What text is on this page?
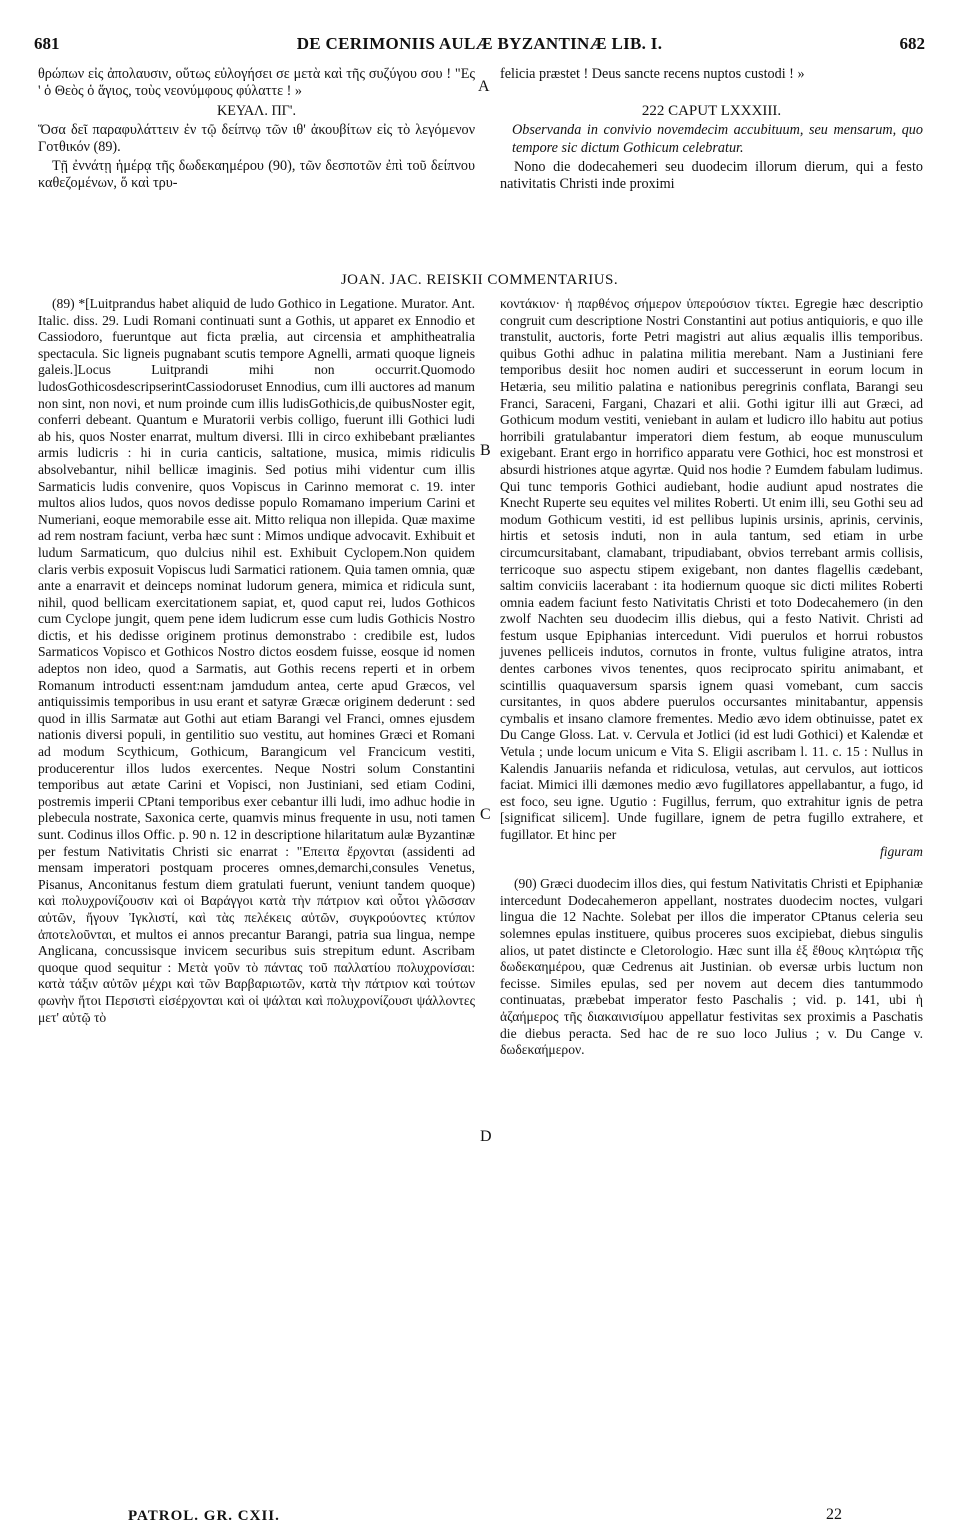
681	DE CERIMONIIS AULÆ BYZANTINÆ LIB. I.	682

θρώπων εἰς ἀπολαυσιν, οὕτως εὐλογήσει σε μετὰ καὶ τῆς συζύγου σου ! "Ες ' ὁ Θεὸς ὁ ἅγιος, τοὺς νεονύμφους φύλαττε ! »

ΚΕΥΑΛ. ΠΓ'.

Ὅσα δεῖ παραφυλάττειν ἐν τῷ δείπνῳ τῶν ιθ' ἀκουβίτων εἰς τὸ λεγόμενον Γοτθικόν (89).

Τῇ ἐννάτῃ ἡμέρᾳ τῆς δωδεκαημέρου (90), τῶν δεσποτῶν ἐπὶ τοῦ δείπνου καθεζομένων, ὅ καὶ τρυ-

felicia præstet ! Deus sancte recens nuptos custodi ! »

222 CAPUT LXXXIII.

Observanda in convivio novemdecim accubituum, seu mensarum, quo tempore sic dictum Gothicum celebratur.

Nono die dodecahemeri seu duodecim illorum dierum, qui a festo nativitatis Christi inde proximi

A
B
C
D
JOAN. JAC. REISKII COMMENTARIUS.

(89) *[Luitprandus habet aliquid de ludo Gothico in Legatione. Murator. Ant. Italic. diss. 29. Ludi Romani continuati sunt a Gothis, ut apparet ex Ennodio et Cassiodoro, fueruntque aut ficta prælia, aut circensia et amphitheatralia spectacula. Sic ligneis pugnabant scutis tempore Agnelli, armati quoque ligneis galeis.]Locus Luitprandi mihi non occurrit.Quomodo ludosGothicosdescripserintCassiodoruset Ennodius, cum illi auctores ad manum non sint, non novi, et num proinde cum illis ludisGothicis,de quibusNoster egit, conferri debeant. Quantum e Muratorii verbis colligo, fuerunt illi Gothici ludi ab his, quos Noster enarrat, multum diversi. Illi in circo exhibebant præliantes armis ludicris : hi in curia canticis, saltatione, musica, mimis ridiculis absolvebantur, nihil bellicæ imaginis. Sed potius mihi videntur cum illis Sarmaticis ludis convenire, quos Vopiscus in Carinno memorat c. 19. inter multos alios ludos, quos novos dedisse populo Romamano imperium Carini et Numeriani, eoque memorabile esse ait. Mitto reliqua non illepida. Quæ maxime ad rem nostram faciunt, verba hæc sunt : Mimos undique advocavit. Exhibuit et ludum Sarmaticum, quo dulcius nihil est. Exhibuit Cyclopem.Non quidem claris verbis exposuit Vopiscus ludi Sarmatici rationem. Quia tamen omnia, quæ ante a enarravit et deinceps nominat ludorum genera, mimica et ridicula sunt, nihil, quod bellicam exercitationem sapiat, et, quod caput rei, ludos Gothicos cum Cyclope jungit, quem pene idem ludicrum esse cum ludis Gothicis Nostro dictis, et his dedisse originem protinus demonstrabo : credibile est, ludos Sarmaticos Vopisco et Gothicos Nostro dictos eosdem fuisse, eosque id nomen adeptos non ideo, quod a Sarmatis, aut Gothis recens reperti et in orbem Romanum introducti essent:nam jamdudum antea, certe apud Græcos, vel antiquissimis temporibus in usu erant et satyræ Græcæ originem dederunt : sed quod in illis Sarmatæ aut Gothi aut etiam Barangi vel Franci, omnes ejusdem nationis diversi populi, in gentilitio suo vestitu, aut homines Græci et Romani ad modum Scythicum, Gothicum, Barangicum vel Francicum vestiti, producerentur illos ludos exercentes. Neque Nostri solum Constantini temporibus aut ætate Carini et Vopisci, non Justiniani, sed etiam Codini, postremis imperii CPtani temporibus exer cebantur illi ludi, imo adhuc hodie in plebecula nostrate, Saxonica certe, quamvis minus frequente in usu, noti tamen sunt. Codinus illos Offic. p. 90 n. 12 in descriptione hilaritatum aulæ Byzantinæ per festum Nativitatis Christi sic enarrat : "Επειτα ἔρχονται (assidenti ad mensam imperatori postquam proceres omnes,demarchi,consules Venetus, Pisanus, Anconitanus festum diem gratulati fuerunt, veniunt tandem quoque) καὶ πολυχρονίζουσιν καὶ οἱ Βαράγγοι κατὰ τὴν πάτριον καὶ οὗτοι γλῶσσαν αὐτῶν, ἤγουν Ἰγκλιστί, καὶ τὰς πελέκεις αὐτῶν, συγκρούοντες κτύπον ἀποτελοῦνται, et multos ei annos precantur Barangi, patria sua lingua, nempe Anglicana, concussisque invicem securibus suis strepitum edunt. Ascribam quoque quod sequitur : Μετὰ γοῦν τὸ πάντας τοῦ παλλατίου πολυχρονίσαι: κατὰ τάξιν αὐτῶν μέχρι καὶ τῶν Βαρβαριωτῶν, κατὰ τὴν πάτριον καὶ τούτων φωνὴν ἤτοι Περσιστὶ εἰσέρχονται καὶ οἱ ψάλται καὶ πολυχρονίζουσι ψάλλοντες μετ' αὐτῷ τὸ

κοντάκιον· ἡ παρθένος σήμερον ὑπερούσιον τίκτει. Egregie hæc descriptio congruit cum descriptione Nostri Constantini aut potius antiquioris, e quo ille transtulit, auctoris, forte Petri magistri aut alius æqualis illis temporibus. quibus Gothi adhuc in palatina militia merebant. Nam a Justiniani fere temporibus desiit hoc nomen audiri et successerunt in eorum locum in Hetæria, seu militio palatina e nationibus peregrinis conflata, Barangi seu Franci, Saraceni, Fargani, Chazari et alii. Gothi igitur illi aut Græci, ad Gothicum modum vestiti, veniebant in aulam et ludicro illo habitu aut potius horribili gratulabantur imperatori diem festum, ab eoque munusculum exigebant. Erant ergo in horrifico apparatu vere Gothici, hoc est monstrosi et absurdi histriones atque agyrtæ. Quid nos hodie ? Eumdem fabulam ludimus. Qui tunc temporis Gothici audiebant, hodie audiunt apud nostrates die Knecht Ruperte seu equites vel milites Roberti. Ut enim illi, seu Gothi seu ad modum Gothicum vestiti, id est pellibus lupinis ursinis, aprinis, cervinis, hirtis et setosis induti, non in aula tantum, sed etiam in urbe circumcursitabant, clamabant, tripudiabant, obvios terrebant armis collisis, terricoque suo aspectu stipem exigebant, non dantes flagellis cædebant, saltim conviciis lacerabant : ita hodiernum quoque sic dicti milites Roberti omnia eadem faciunt festo Nativitatis Christi et toto Dodecahemero (in den zwolf Nachten seu duodecim illis diebus, qui a festo Nativit. Christi ad festum usque Epiphanias intercedunt. Vidi puerulos et horrui robustos juvenes pelliceis indutos, cornutos in fronte, vultus fuligine atratos, intra dentes carbones vivos tenentes, quos reciprocato spiritu animabant, et scintillis quaquaversum sparsis ignem quasi vomebant, cum saccis cursitantes, in quos abdere puerulos occursantes minitabantur, appensis cymbalis et insano clamore frementes. Medio ævo idem obtinuisse, patet ex Du Cange Gloss. Lat. v. Cervula et Jotlici (id est ludi Gothici) et Kalendæ et Vetula ; unde locum unicum e Vita S. Eligii ascribam l. 11. c. 15 : Nullus in Kalendis Januariis nefanda et ridiculosa, vetulas, aut cervulos, aut iotticos faciat. Mimici illi dæmones medio ævo fugillatores appellabantur, a fugo, id est foco, seu igne. Ugutio : Fugillus, ferrum, quo extrahitur ignis de petra [significat silicem]. Unde fugillare, ignem de petra fugillo extrahere, et fugillator. Et hinc per

figuram

(90) Græci duodecim illos dies, qui festum Nativitatis Christi et Epiphaniæ intercedunt Dodecahemeron appellant, nostrates duodecim noctes, vulgari lingua die 12 Nachte. Solebat per illos die imperator CPtanus celeria seu solemnes epulas instituere, quibus proceres suos excipiebat, diebus singulis alios, ut patet distincte e Cletorologio. Hæc sunt illa ἐξ ἔθους κλητώρια τῆς δωδεκαημέρου, quæ Cedrenus ait Justinian. ob eversæ urbis luctum non fecisse. Similes epulas, sed per novem aut decem dies tantummodo continuatas, præbebat imperator festo Paschalis ; vid. p. 141, ubi ἡ ἀζαήμερος τῆς διακαινισίμου appellatur festivitas sex proximis a Paschatis die diebus peracta. Sed hac de re suo loco Julius ; v. Du Cange v. δωδεκαήμερον.

PATROL. GR. CXII.	22
